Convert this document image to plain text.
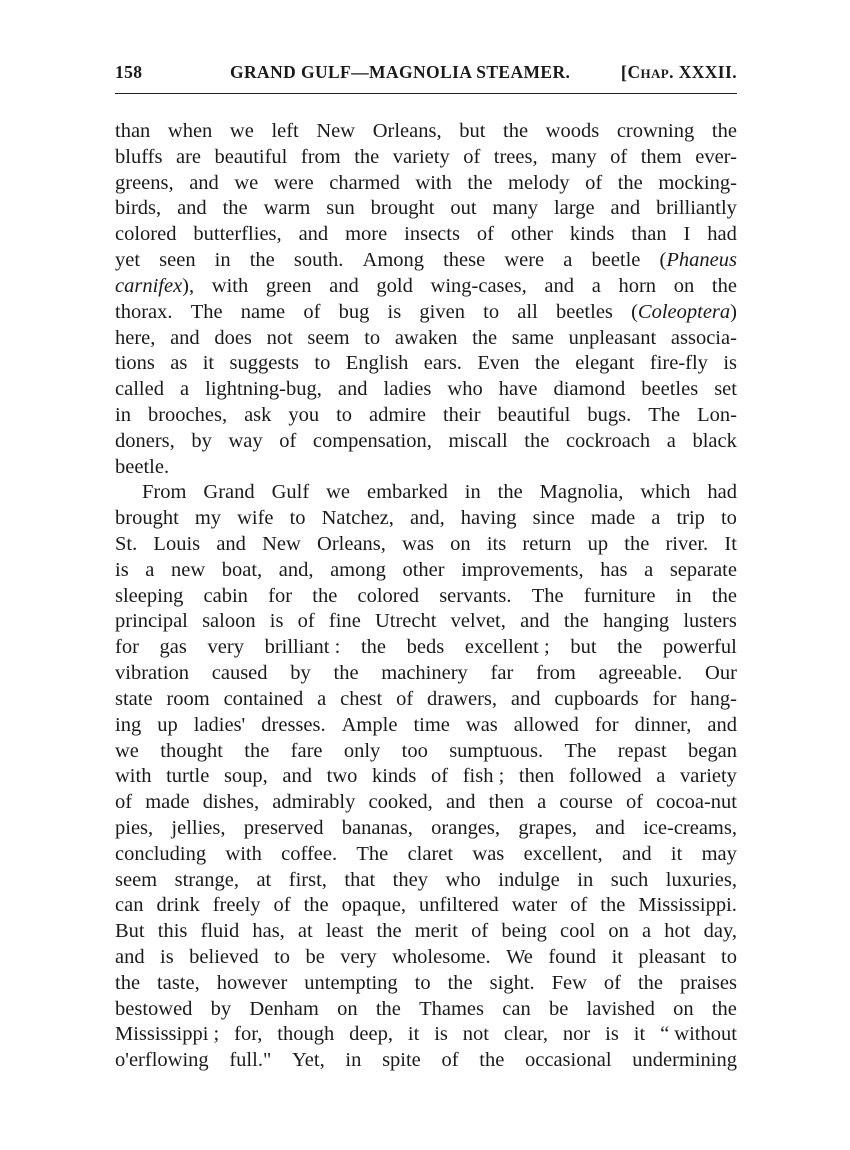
158	GRAND GULF—MAGNOLIA STEAMER.	[CHAP. XXXII.
than when we left New Orleans, but the woods crowning the
bluffs are beautiful from the variety of trees, many of them ever-
greens, and we were charmed with the melody of the mocking-
birds, and the warm sun brought out many large and brilliantly
colored butterflies, and more insects of other kinds than I had
yet seen in the south. Among these were a beetle (Phaneus
carnifex), with green and gold wing-cases, and a horn on the
thorax. The name of bug is given to all beetles (Coleoptera)
here, and does not seem to awaken the same unpleasant associa-
tions as it suggests to English ears. Even the elegant fire-fly is
called a lightning-bug, and ladies who have diamond beetles set
in brooches, ask you to admire their beautiful bugs. The Lon-
doners, by way of compensation, miscall the cockroach a black
beetle.
From Grand Gulf we embarked in the Magnolia, which had
brought my wife to Natchez, and, having since made a trip to
St. Louis and New Orleans, was on its return up the river. It
is a new boat, and, among other improvements, has a separate
sleeping cabin for the colored servants. The furniture in the
principal saloon is of fine Utrecht velvet, and the hanging lusters
for gas very brilliant : the beds excellent ; but the powerful
vibration caused by the machinery far from agreeable. Our
state room contained a chest of drawers, and cupboards for hang-
ing up ladies' dresses. Ample time was allowed for dinner, and
we thought the fare only too sumptuous. The repast began
with turtle soup, and two kinds of fish ; then followed a variety
of made dishes, admirably cooked, and then a course of cocoa-nut
pies, jellies, preserved bananas, oranges, grapes, and ice-creams,
concluding with coffee. The claret was excellent, and it may
seem strange, at first, that they who indulge in such luxuries,
can drink freely of the opaque, unfiltered water of the Mississippi.
But this fluid has, at least the merit of being cool on a hot day,
and is believed to be very wholesome. We found it pleasant to
the taste, however untempting to the sight. Few of the praises
bestowed by Denham on the Thames can be lavished on the
Mississippi ; for, though deep, it is not clear, nor is it “ without
o'erflowing full." Yet, in spite of the occasional undermining
